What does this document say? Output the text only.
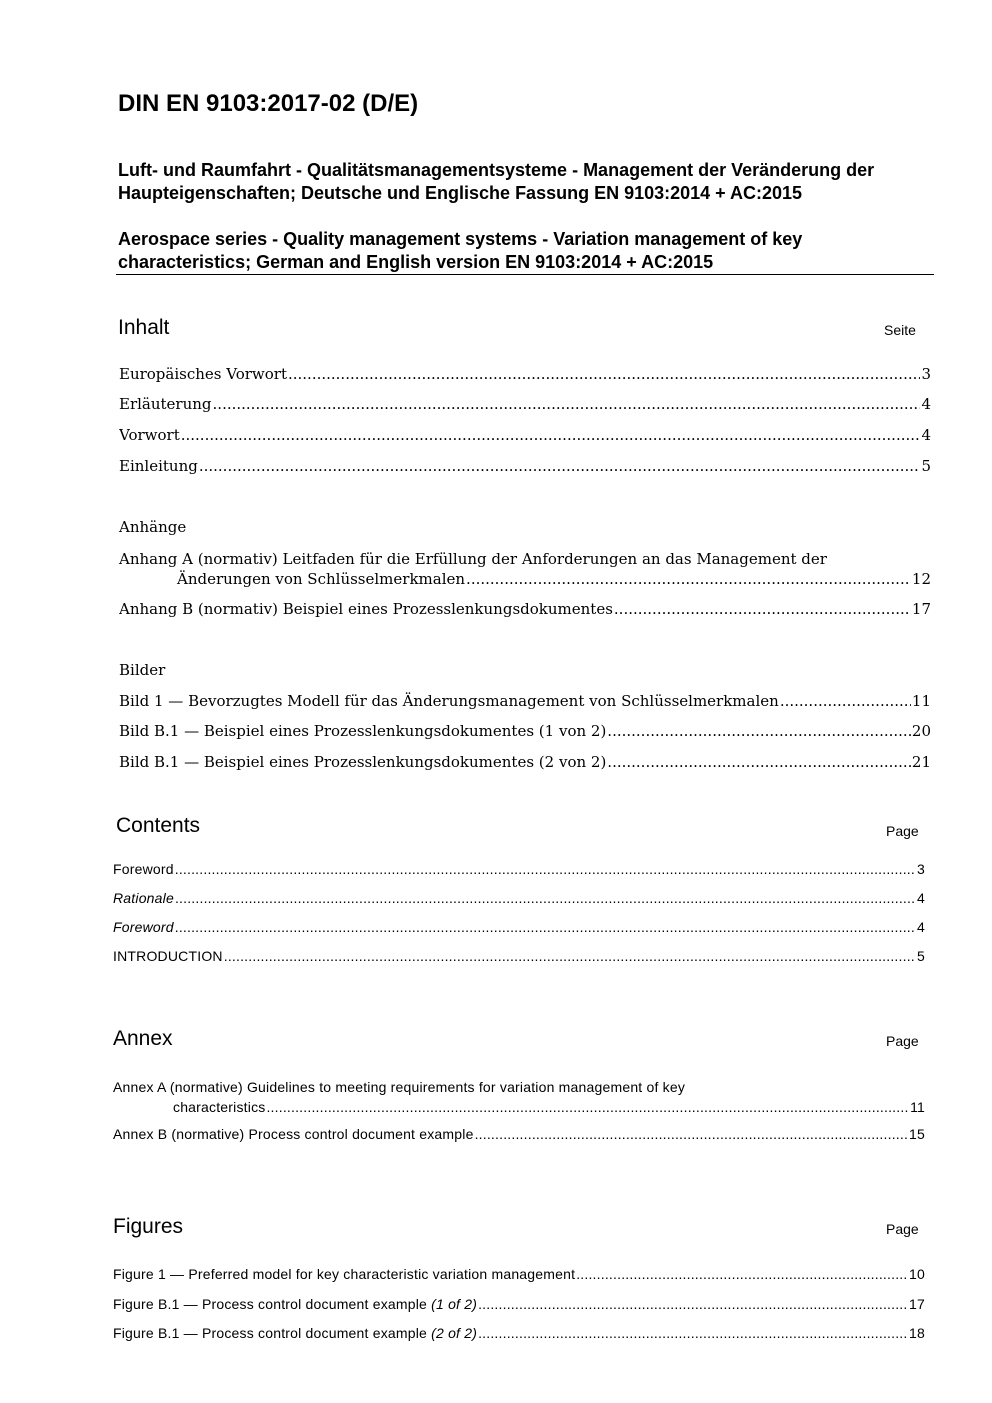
DIN EN 9103:2017-02 (D/E)
Luft- und Raumfahrt - Qualitätsmanagementsysteme - Management der Veränderung der Haupteigenschaften; Deutsche und Englische Fassung EN 9103:2014 + AC:2015
Aerospace series - Quality management systems - Variation management of key characteristics; German and English version EN 9103:2014 + AC:2015
Inhalt	Seite
Europäisches Vorwort .....	3
Erläuterung .....	4
Vorwort .....	4
Einleitung .....	5
Anhänge
Anhang A (normativ) Leitfaden für die Erfüllung der Anforderungen an das Management der
Änderungen von Schlüsselmerkmalen .....	12
Anhang B (normativ) Beispiel eines Prozesslenkungsdokumentes .....	17
Bilder
Bild 1 — Bevorzugtes Modell für das Änderungsmanagement von Schlüsselmerkmalen .....	11
Bild B.1 — Beispiel eines Prozesslenkungsdokumentes (1 von 2) .....	20
Bild B.1 — Beispiel eines Prozesslenkungsdokumentes (2 von 2) .....	21
Contents	Page
Foreword .....	3
Rationale .....	4
Foreword .....	4
INTRODUCTION .....	5
Annex	Page
Annex A (normative) Guidelines to meeting requirements for variation management of key
characteristics .....	11
Annex B (normative) Process control document example .....	15
Figures	Page
Figure 1 — Preferred model for key characteristic variation management .....	10
Figure B.1 — Process control document example (1 of 2) .....	17
Figure B.1 — Process control document example (2 of 2) .....	18
